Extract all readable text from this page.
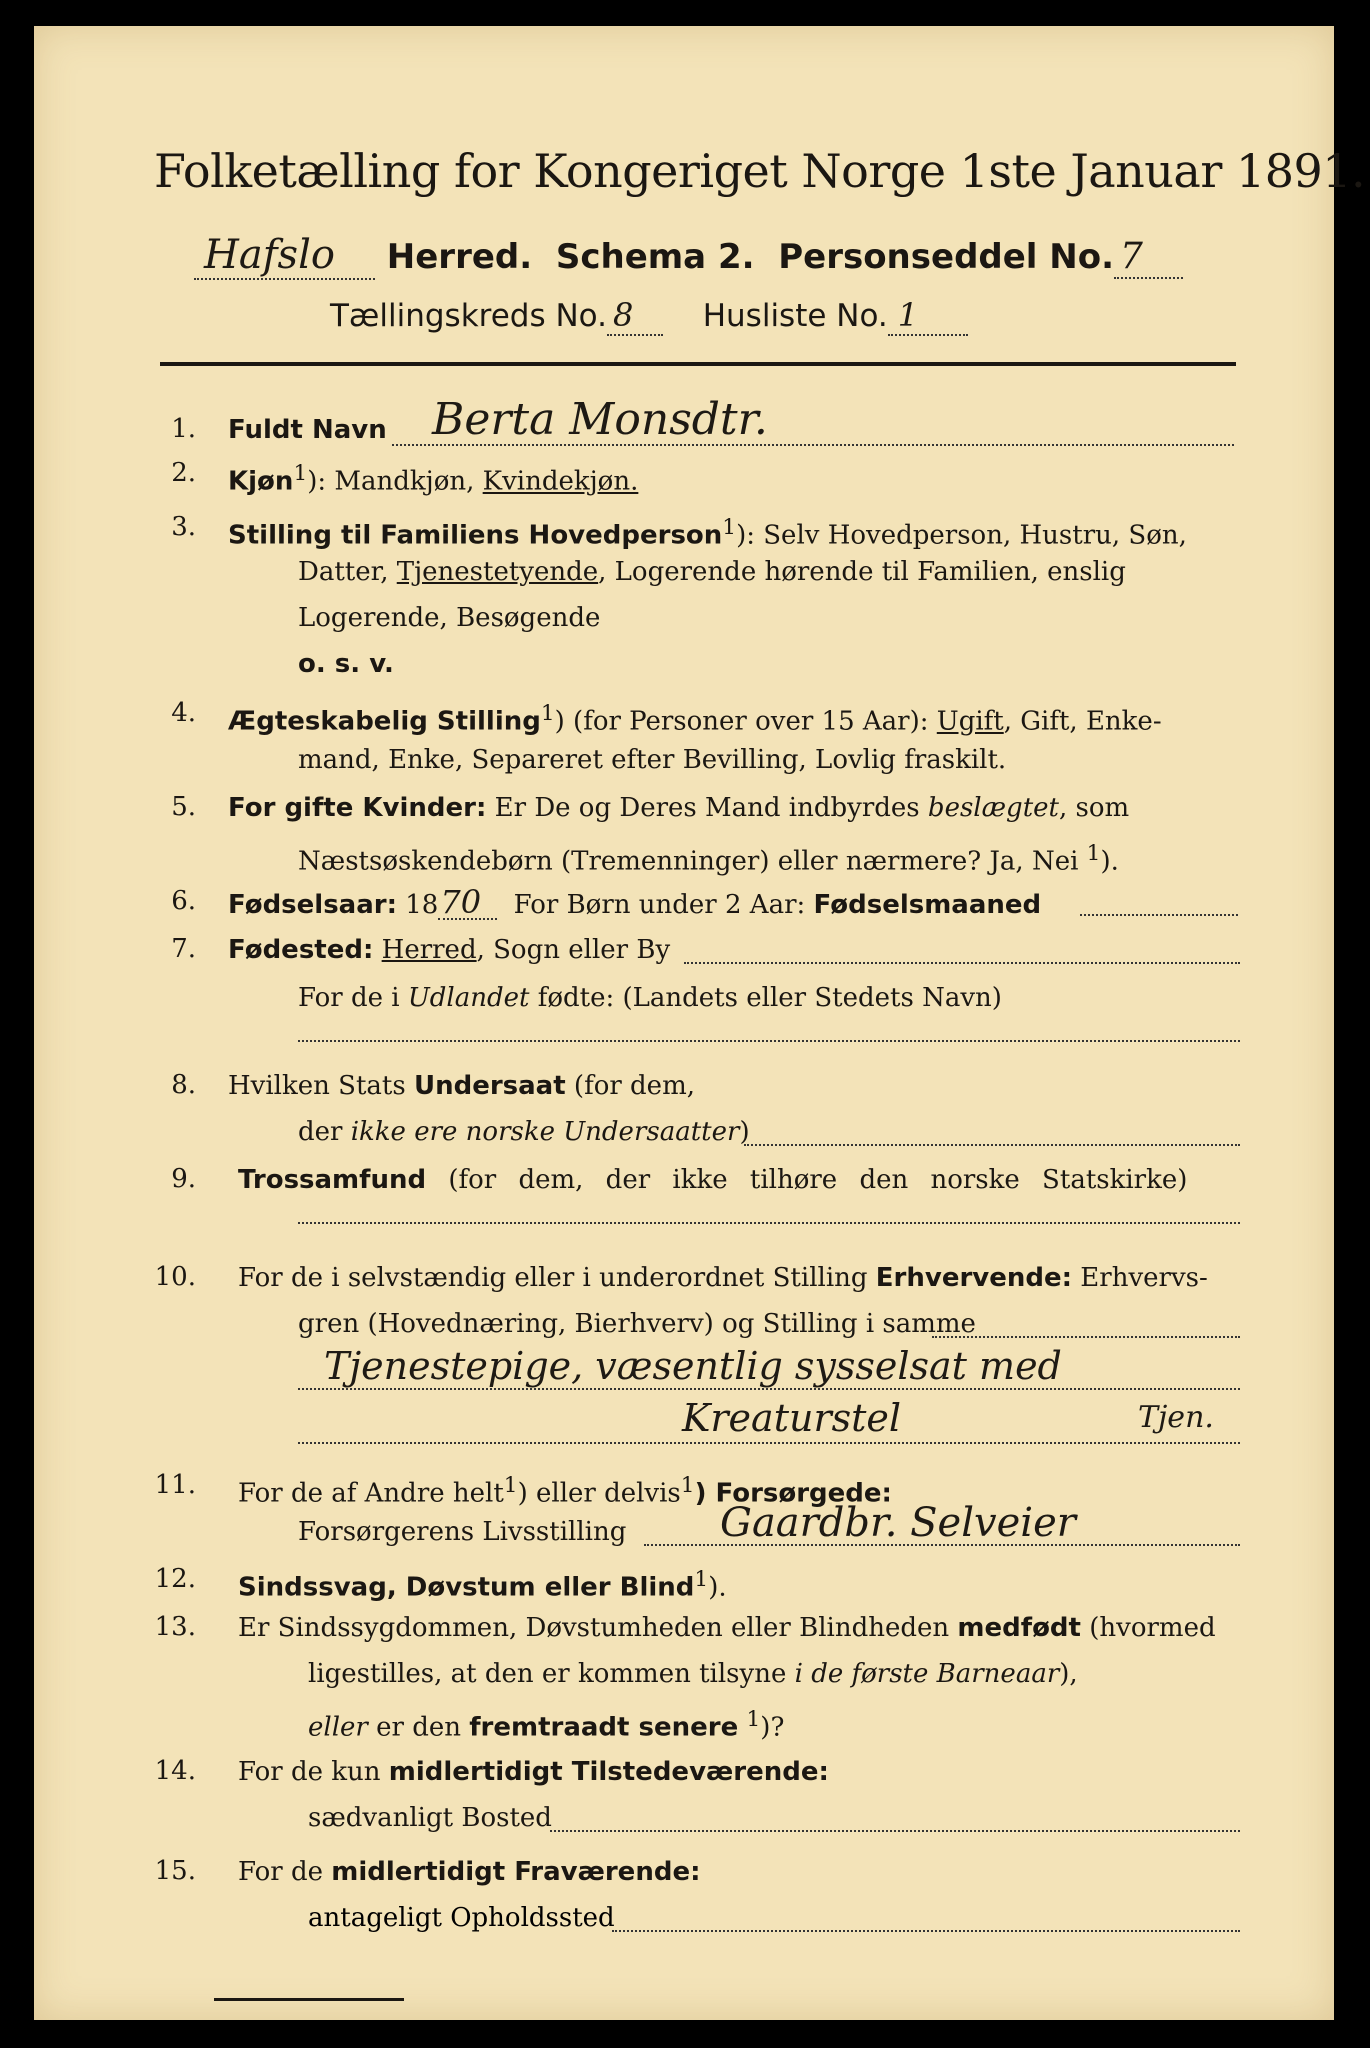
Folketælling for Kongeriget Norge 1ste Januar 1891.
Hafslo Herred. Schema 2. Personseddel No. 7
Tællingskreds No. 8 Husliste No. 1
1. Fuldt Navn Berta Monsdtr.
2. Kjøn$^1$): Mandkjøn, Kvindekjøn.
3. Stilling til Familiens Hovedperson$^1$): Selv Hovedperson, Hustru, Søn,
Datter, Tjenestetyende, Logerende hørende til Familien, enslig
Logerende, Besøgende
o. s. v.
4. Ægteskabelig Stilling$^1$) (for Personer over 15 Aar): Ugift, Gift, Enke-
mand, Enke, Separeret efter Bevilling, Lovlig fraskilt.
5. For gifte Kvinder: Er De og Deres Mand indbyrdes beslægtet, som
Næstsøskendebørn (Tremenninger) eller nærmere? Ja, Nei $^1$).
6. Fødselsaar: 1870 For Børn under 2 Aar: Fødselsmaaned
7. Fødested: Herred, Sogn eller By
For de i Udlandet fødte: (Landets eller Stedets Navn)
8. Hvilken Stats Undersaat (for dem,
der ikke ere norske Undersaatter)
9. Trossamfund (for dem, der ikke tilhøre den norske Statskirke)
10. For de i selvstændig eller i underordnet Stilling Erhvervende: Erhvervs-
gren (Hovednæring, Bierhverv) og Stilling i samme
Tjenestepige, væsentlig sysselsat med
Kreaturstel	Tjen.
11. For de af Andre helt$^1$) eller delvis$^1$) Forsørgede:
Forsørgerens Livsstilling Gaardbr. Selveier
12. Sindssvag, Døvstum eller Blind$^1$).
13. Er Sindssygdommen, Døvstumheden eller Blindheden medfødt (hvormed
ligestilles, at den er kommen tilsyne i de første Barneaar),
eller er den fremtraadt senere $^1$)?
14. For de kun midlertidigt Tilstedeværende:
sædvanligt Bosted
15. For de midlertidigt Fraværende:
antageligt Opholdssted
